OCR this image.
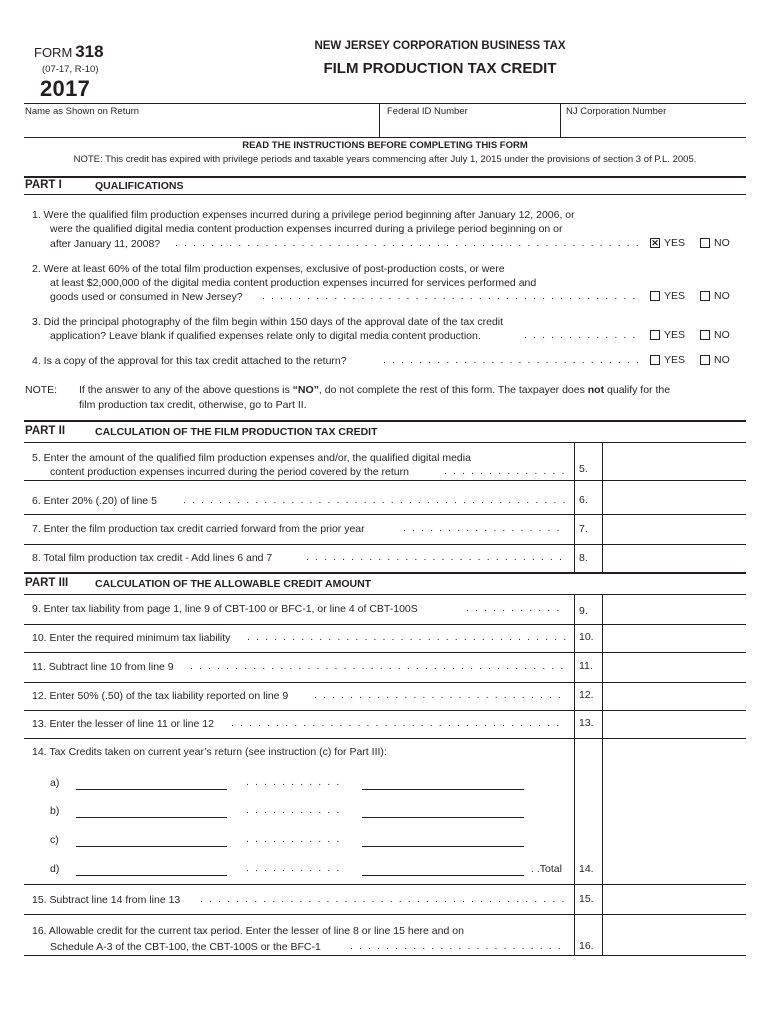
FORM 318
(07-17, R-10)
2017
NEW JERSEY CORPORATION BUSINESS TAX
FILM PRODUCTION TAX CREDIT
Name as Shown on Return	Federal ID Number	NJ Corporation Number
READ THE INSTRUCTIONS BEFORE COMPLETING THIS FORM
NOTE: This credit has expired with privilege periods and taxable years commencing after July 1, 2015 under the provisions of section 3 of P.L. 2005.
PART I	QUALIFICATIONS
1. Were the qualified film production expenses incurred during a privilege period beginning after January 12, 2006, or
were the qualified digital media content production expenses incurred during a privilege period beginning on or
after January 11, 2008? . . .	✕ YES	NO
2. Were at least 60% of the total film production expenses, exclusive of post-production costs, or were
at least $2,000,000 of the digital media content production expenses incurred for services performed and
goods used or consumed in New Jersey? . . .	YES	NO
3. Did the principal photography of the film begin within 150 days of the approval date of the tax credit
application? Leave blank if qualified expenses relate only to digital media content production. . . .	YES	NO
4. Is a copy of the approval for this tax credit attached to the return? . . .	YES	NO
NOTE: If the answer to any of the above questions is “NO”, do not complete the rest of this form. The taxpayer does not qualify for the
film production tax credit, otherwise, go to Part II.
PART II	CALCULATION OF THE FILM PRODUCTION TAX CREDIT
5. Enter the amount of the qualified film production expenses and/or, the qualified digital media
content production expenses incurred during the period covered by the return . . .	5.
6. Enter 20% (.20) of line 5 . . .	6.
7. Enter the film production tax credit carried forward from the prior year . . .	7.
8. Total film production tax credit - Add lines 6 and 7 . . .	8.
PART III	CALCULATION OF THE ALLOWABLE CREDIT AMOUNT
9. Enter tax liability from page 1, line 9 of CBT-100 or BFC-1, or line 4 of CBT-100S . . .	9.
10. Enter the required minimum tax liability . . .	10.
11. Subtract line 10 from line 9 . . .	11.
12. Enter 50% (.50) of the tax liability reported on line 9 . . .	12.
13. Enter the lesser of line 11 or line 12 . . .	13.
14. Tax Credits taken on current year’s return (see instruction (c) for Part III):
a)
. . .
b)
. . .
c)
. . .
d) . . .	. .Total 14.
15. Subtract line 14 from line 13 . . .	15.
16. Allowable credit for the current tax period. Enter the lesser of line 8 or line 15 here and on
Schedule A-3 of the CBT-100, the CBT-100S or the BFC-1 . . .	16.
